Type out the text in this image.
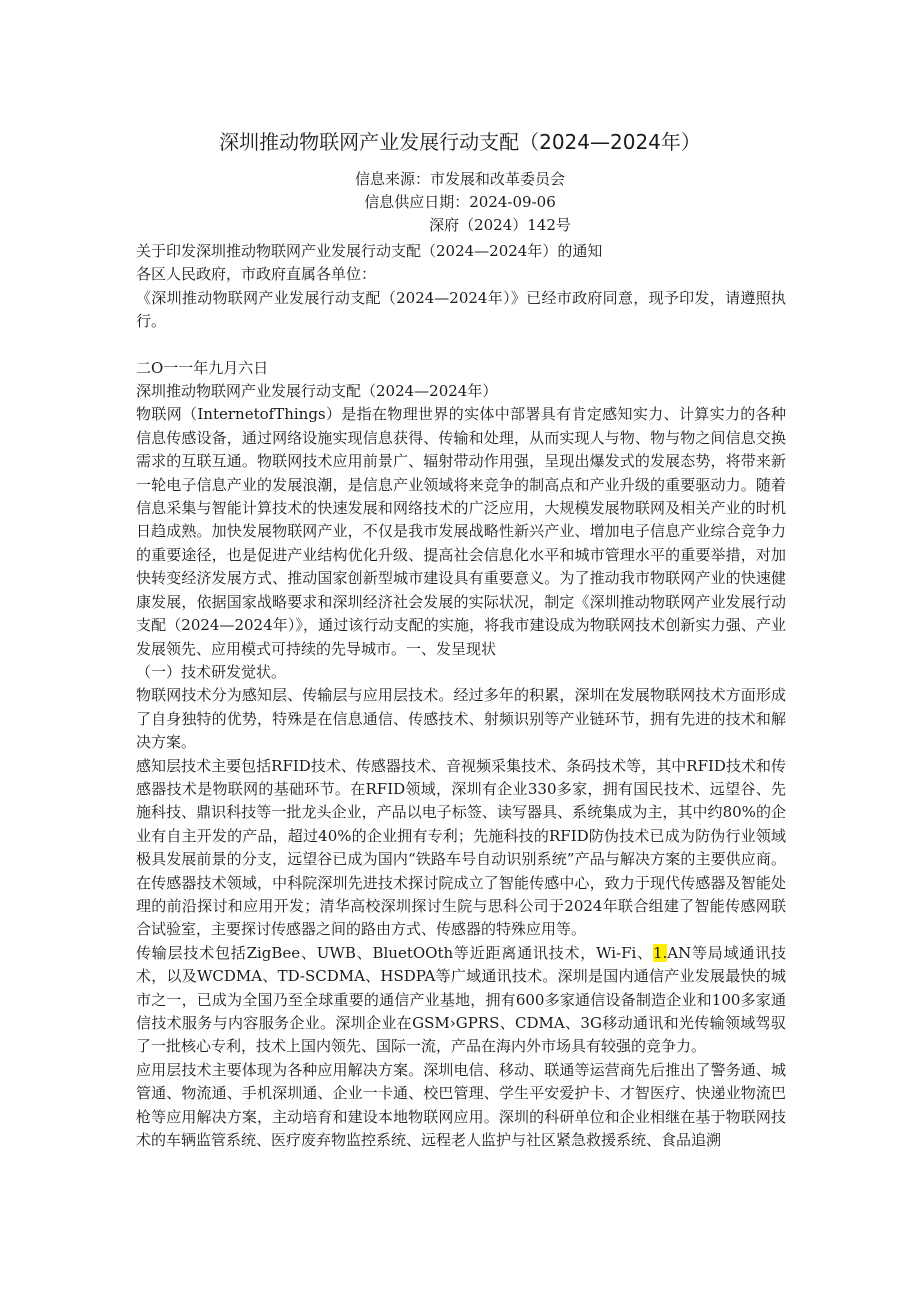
深圳推动物联网产业发展行动支配（2024—2024年）
信息来源：市发展和改革委员会
信息供应日期：2024-09-06
深府（2024）142号

关于印发深圳推动物联网产业发展行动支配（2024—2024年）的通知

各区人民政府，市政府直属各单位：

《深圳推动物联网产业发展行动支配（2024—2024年）》已经市政府同意，现予印发，请遵照执行。

二O一一年九月六日

深圳推动物联网产业发展行动支配（2024—2024年）

物联网（InternetofThings）是指在物理世界的实体中部署具有肯定感知实力、计算实力的各种信息传感设备，通过网络设施实现信息获得、传输和处理，从而实现人与物、物与物之间信息交换需求的互联互通。物联网技术应用前景广、辐射带动作用强，呈现出爆发式的发展态势，将带来新一轮电子信息产业的发展浪潮，是信息产业领域将来竞争的制高点和产业升级的重要驱动力。随着信息采集与智能计算技术的快速发展和网络技术的广泛应用，大规模发展物联网及相关产业的时机日趋成熟。加快发展物联网产业，不仅是我市发展战略性新兴产业、增加电子信息产业综合竞争力的重要途径，也是促进产业结构优化升级、提高社会信息化水平和城市管理水平的重要举措，对加快转变经济发展方式、推动国家创新型城市建设具有重要意义。为了推动我市物联网产业的快速健康发展，依据国家战略要求和深圳经济社会发展的实际状况，制定《深圳推动物联网产业发展行动支配（2024—2024年）》，通过该行动支配的实施，将我市建设成为物联网技术创新实力强、产业发展领先、应用模式可持续的先导城市。一、发呈现状

（一）技术研发觉状。

物联网技术分为感知层、传输层与应用层技术。经过多年的积累，深圳在发展物联网技术方面形成了自身独特的优势，特殊是在信息通信、传感技术、射频识别等产业链环节，拥有先进的技术和解决方案。

感知层技术主要包括RFID技术、传感器技术、音视频采集技术、条码技术等，其中RFID技术和传感器技术是物联网的基础环节。在RFID领域，深圳有企业330多家，拥有国民技术、远望谷、先施科技、鼎识科技等一批龙头企业，产品以电子标签、读写器具、系统集成为主，其中约80%的企业有自主开发的产品，超过40%的企业拥有专利；先施科技的RFID防伪技术已成为防伪行业领域极具发展前景的分支，远望谷已成为国内“铁路车号自动识别系统”产品与解决方案的主要供应商。在传感器技术领域，中科院深圳先进技术探讨院成立了智能传感中心，致力于现代传感器及智能处理的前沿探讨和应用开发；清华高校深圳探讨生院与思科公司于2024年联合组建了智能传感网联合试验室，主要探讨传感器之间的路由方式、传感器的特殊应用等。

传输层技术包括ZigBee、UWB、BluetOOth等近距离通讯技术，Wi-Fi、1.AN等局域通讯技术，以及WCDMA、TD-SCDMA、HSDPA等广域通讯技术。深圳是国内通信产业发展最快的城市之一，已成为全国乃至全球重要的通信产业基地，拥有600多家通信设备制造企业和100多家通信技术服务与内容服务企业。深圳企业在GSM›GPRS、CDMA、3G移动通讯和光传输领域驾驭了一批核心专利，技术上国内领先、国际一流，产品在海内外市场具有较强的竞争力。

应用层技术主要体现为各种应用解决方案。深圳电信、移动、联通等运营商先后推出了警务通、城管通、物流通、手机深圳通、企业一卡通、校巴管理、学生平安爱护卡、才智医疗、快递业物流巴枪等应用解决方案，主动培育和建设本地物联网应用。深圳的科研单位和企业相继在基于物联网技术的车辆监管系统、医疗废弃物监控系统、远程老人监护与社区紧急救援系统、食品追溯
